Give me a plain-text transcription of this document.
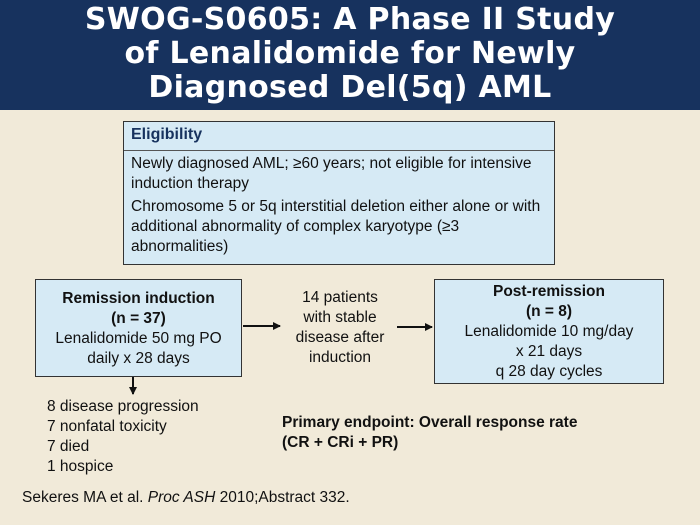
SWOG-S0605: A Phase II Study
of Lenalidomide for Newly
Diagnosed Del(5q) AML
Eligibility
Newly diagnosed AML; ≥60 years; not eligible for intensive induction therapy
Chromosome 5 or 5q interstitial deletion either alone or with additional abnormality of complex karyotype (≥3 abnormalities)
Remission induction
(n = 37)
Lenalidomide 50 mg PO
daily x 28 days
14 patients
with stable
disease after
induction
Post-remission
(n = 8)
Lenalidomide 10 mg/day
x 21 days
q 28 day cycles
8 disease progression
7 nonfatal toxicity
7 died
1 hospice
Primary endpoint: Overall response rate
(CR + CRi + PR)
Sekeres MA et al. Proc ASH 2010;Abstract 332.
